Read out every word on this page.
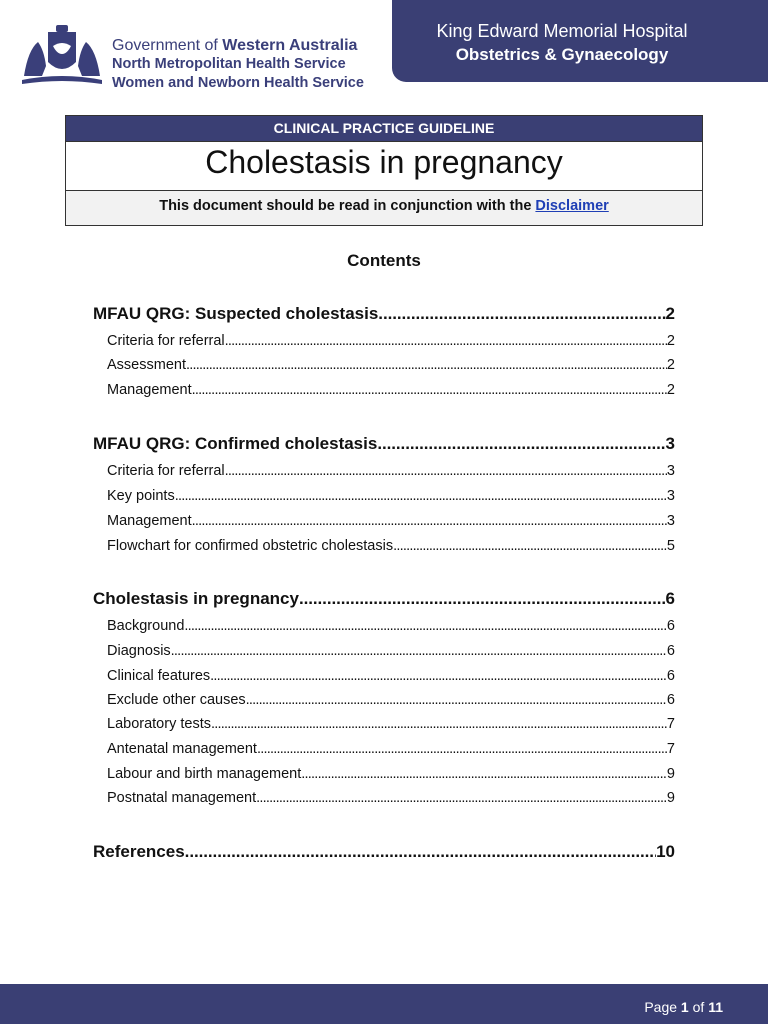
Government of Western Australia
North Metropolitan Health Service
Women and Newborn Health Service
King Edward Memorial Hospital
Obstetrics & Gynaecology
CLINICAL PRACTICE GUIDELINE
Cholestasis in pregnancy
This document should be read in conjunction with the Disclaimer
Contents
MFAU QRG: Suspected cholestasis . . .	2
Criteria for referral . . .	2
Assessment . . .	2
Management . . .	2
MFAU QRG: Confirmed cholestasis . . .	3
Criteria for referral . . .	3
Key points . . .	3
Management . . .	3
Flowchart for confirmed obstetric cholestasis . . .	5
Cholestasis in pregnancy . . .	6
Background . . .	6
Diagnosis . . .	6
Clinical features . . .	6
Exclude other causes . . .	6
Laboratory tests . . .	7
Antenatal management . . .	7
Labour and birth management . . .	9
Postnatal management . . .	9
References . . .	10
Page 1 of 11
